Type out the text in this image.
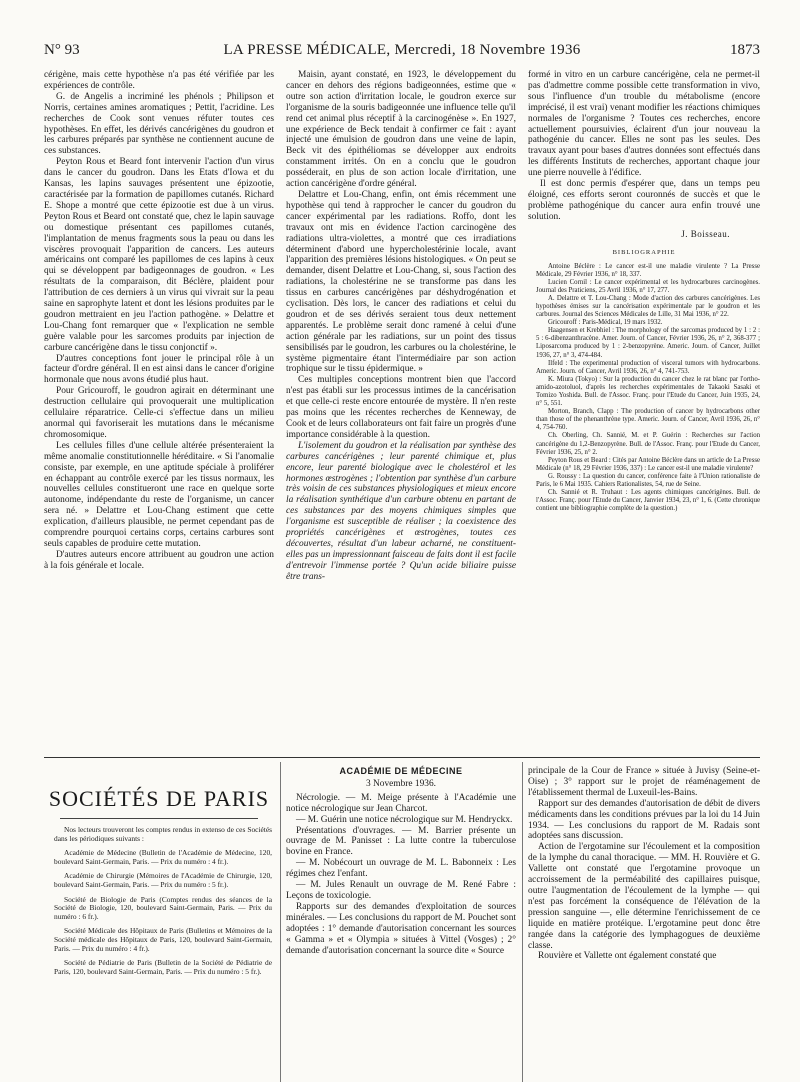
N° 93	LA PRESSE MÉDICALE, Mercredi, 18 Novembre 1936	1873

cérigène, mais cette hypothèse n'a pas été vérifiée par les expériences de contrôle.

G. de Angelis a incriminé les phénols ; Philipson et Norris, certaines amines aromatiques ; Pettit, l'acridine. Les recherches de Cook sont venues réfuter toutes ces hypothèses. En effet, les dérivés cancérigènes du goudron et les carbures préparés par synthèse ne contiennent aucune de ces substances.

Peyton Rous et Beard font intervenir l'action d'un virus dans le cancer du goudron. Dans les Etats d'Iowa et du Kansas, les lapins sauvages présentent une épizootie, caractérisée par la formation de papillomes cutanés. Richard E. Shope a montré que cette épizootie est due à un virus. Peyton Rous et Beard ont constaté que, chez le lapin sauvage ou domestique présentant ces papillomes cutanés, l'implantation de menus fragments sous la peau ou dans les viscères provoquait l'apparition de cancers. Les auteurs américains ont comparé les papillomes de ces lapins à ceux qui se développent par badigeonnages de goudron. « Les résultats de la comparaison, dit Béclère, plaident pour l'attribution de ces derniers à un virus qui vivrait sur la peau saine en saprophyte latent et dont les lésions produites par le goudron mettraient en jeu l'action pathogène. » Delattre et Lou-Chang font remarquer que « l'explication ne semble guère valable pour les sarcomes produits par injection de carbure cancérigène dans le tissu conjonctif ».

D'autres conceptions font jouer le principal rôle à un facteur d'ordre général. Il en est ainsi dans le cancer d'origine hormonale que nous avons étudié plus haut.

Pour Gricouroff, le goudron agirait en déterminant une destruction cellulaire qui provoquerait une multiplication cellulaire réparatrice. Celle-ci s'effectue dans un milieu anormal qui favoriserait les mutations dans le mécanisme chromosomique.

Les cellules filles d'une cellule altérée présenteraient la même anomalie constitutionnelle héréditaire. « Si l'anomalie consiste, par exemple, en une aptitude spéciale à proliférer en échappant au contrôle exercé par les tissus normaux, les nouvelles cellules constitueront une race en quelque sorte autonome, indépendante du reste de l'organisme, un cancer sera né. » Delattre et Lou-Chang estiment que cette explication, d'ailleurs plausible, ne permet cependant pas de comprendre pourquoi certains corps, certains carbures sont seuls capables de produire cette mutation.

D'autres auteurs encore attribuent au goudron une action à la fois générale et locale.

Maisin, ayant constaté, en 1923, le développement du cancer en dehors des régions badigeonnées, estime que « outre son action d'irritation locale, le goudron exerce sur l'organisme de la souris badigeonnée une influence telle qu'il rend cet animal plus réceptif à la carcinogénèse ». En 1927, une expérience de Beck tendait à confirmer ce fait : ayant injecté une émulsion de goudron dans une veine de lapin, Beck vit des épithéliomas se développer aux endroits constamment irrités. On en a conclu que le goudron posséderait, en plus de son action locale d'irritation, une action cancérigène d'ordre général.

Delattre et Lou-Chang, enfin, ont émis récemment une hypothèse qui tend à rapprocher le cancer du goudron du cancer expérimental par les radiations. Roffo, dont les travaux ont mis en évidence l'action carcinogène des radiations ultra-violettes, a montré que ces irradiations déterminent d'abord une hypercholestérinie locale, avant l'apparition des premières lésions histologiques. « On peut se demander, disent Delattre et Lou-Chang, si, sous l'action des radiations, la cholestérine ne se transforme pas dans les tissus en carbures cancérigènes par déshydrogénation et cyclisation. Dès lors, le cancer des radiations et celui du goudron et de ses dérivés seraient tous deux nettement apparentés. Le problème serait donc ramené à celui d'une action générale par les radiations, sur un point des tissus sensibilisés par le goudron, les carbures ou la cholestérine, le système pigmentaire étant l'intermédiaire par son action trophique sur le tissu épidermique. »

Ces multiples conceptions montrent bien que l'accord n'est pas établi sur les processus intimes de la cancérisation et que celle-ci reste encore entourée de mystère. Il n'en reste pas moins que les récentes recherches de Kenneway, de Cook et de leurs collaborateurs ont fait faire un progrès d'une importance considérable à la question.

L'isolement du goudron et la réalisation par synthèse des carbures cancérigènes ; leur parenté chimique et, plus encore, leur parenté biologique avec le cholestérol et les hormones œstrogènes ; l'obtention par synthèse d'un carbure très voisin de ces substances physiologiques et mieux encore la réalisation synthétique d'un carbure obtenu en partant de ces substances par des moyens chimiques simples que l'organisme est susceptible de réaliser ; la coexistence des propriétés cancérigènes et œstrogènes, toutes ces découvertes, résultat d'un labeur acharné, ne constituent-elles pas un impressionnant faisceau de faits dont il est facile d'entrevoir l'immense portée ? Qu'un acide biliaire puisse être trans-

formé in vitro en un carbure cancérigène, cela ne permet-il pas d'admettre comme possible cette transformation in vivo, sous l'influence d'un trouble du métabolisme (encore imprécisé, il est vrai) venant modifier les réactions chimiques normales de l'organisme ? Toutes ces recherches, encore actuellement poursuivies, éclairent d'un jour nouveau la pathogénie du cancer. Elles ne sont pas les seules. Des travaux ayant pour bases d'autres données sont effectués dans les différents Instituts de recherches, apportant chaque jour une pierre nouvelle à l'édifice.

Il est donc permis d'espérer que, dans un temps peu éloigné, ces efforts seront couronnés de succès et que le problème pathogénique du cancer aura enfin trouvé une solution.

J. Boisseau.
BIBLIOGRAPHIE

Antoine Béclère : Le cancer est-il une maladie virulente ? La Presse Médicale, 29 Février 1936, n° 18, 337.

Lucien Cornil : Le cancer expérimental et les hydrocarbures carcinogènes. Journal des Praticiens, 25 Avril 1936, n° 17, 277.

A. Delattre et T. Lou-Chang : Mode d'action des carbures cancérigènes. Les hypothèses émises sur la cancérisation expérimentale par le goudron et les carbures. Journal des Sciences Médicales de Lille, 31 Mai 1936, n° 22.

Gricouroff : Paris-Médical, 19 mars 1932.

Haagensen et Krebhiel : The morphology of the sarcomas produced by 1 : 2 : 5 : 6-dibenzanthracène. Amer. Journ. of Cancer, Février 1936, 26, n° 2, 368-377 ; Liposarcoma produced by 1 : 2-benzopyrène. Americ. Journ. of Cancer, Juillet 1936, 27, n° 3, 474-484.

Ilfeld : The experimental production of visceral tumors with hydrocarbons. Americ. Journ. of Cancer, Avril 1936, 26, n° 4, 741-753.

K. Miura (Tokyo) : Sur la production du cancer chez le rat blanc par l'ortho-amido-azotoluol, d'après les recherches expérimentales de Takaoki Sasaki et Tomizo Yoshida. Bull. de l'Assoc. Franç. pour l'Etude du Cancer, Juin 1935, 24, n° 5, 551.

Morton, Branch, Clapp : The production of cancer by hydrocarbons other than those of the phenanthrène type. Americ. Journ. of Cancer, Avril 1936, 26, n° 4, 754-760.

Ch. Oberling, Ch. Sannié, M. et P. Guérin : Recherches sur l'action cancérigène du 1,2-Benzopyrène. Bull. de l'Assoc. Franç. pour l'Etude du Cancer, Février 1936, 25, n° 2.

Peyton Rous et Beard : Cités par Antoine Béclère dans un article de La Presse Médicale (n° 18, 29 Février 1936, 337) : Le cancer est-il une maladie virulente?

G. Roussy : La question du cancer, conférence faite à l'Union rationaliste de Paris, le 6 Mai 1935. Cahiers Rationalistes, 54, rue de Seine.

Ch. Sannié et R. Truhaut : Les agents chimiques cancérigènes. Bull. de l'Assoc. Franç. pour l'Etude du Cancer, Janvier 1934, 23, n° 1, 6. (Cette chronique contient une bibliographie complète de la question.)

SOCIÉTÉS DE PARIS

Nos lecteurs trouveront les comptes rendus in extenso de ces Sociétés dans les périodiques suivants :

Académie de Médecine (Bulletin de l'Académie de Médecine, 120, boulevard Saint-Germain, Paris. — Prix du numéro : 4 fr.).

Académie de Chirurgie (Mémoires de l'Académie de Chirurgie, 120, boulevard Saint-Germain, Paris. — Prix du numéro : 5 fr.).

Société de Biologie de Paris (Comptes rendus des séances de la Société de Biologie, 120, boulevard Saint-Germain, Paris. — Prix du numéro : 6 fr.).

Société Médicale des Hôpitaux de Paris (Bulletins et Mémoires de la Société médicale des Hôpitaux de Paris, 120, boulevard Saint-Germain, Paris. — Prix du numéro : 4 fr.).

Société de Pédiatrie de Paris (Bulletin de la Société de Pédiatrie de Paris, 120, boulevard Saint-Germain, Paris. — Prix du numéro : 5 fr.).

ACADÉMIE DE MÉDECINE

3 Novembre 1936.

Nécrologie. — M. Meige présente à l'Académie une notice nécrologique sur Jean Charcot.

— M. Guérin une notice nécrologique sur M. Hendryckx.

Présentations d'ouvrages. — M. Barrier présente un ouvrage de M. Panisset : La lutte contre la tuberculose bovine en France.

— M. Nobécourt un ouvrage de M. L. Babonneix : Les régimes chez l'enfant.

— M. Jules Renault un ouvrage de M. René Fabre : Leçons de toxicologie.

Rapports sur des demandes d'exploitation de sources minérales. — Les conclusions du rapport de M. Pouchet sont adoptées : 1° demande d'autorisation concernant les sources « Gamma » et « Olympia » situées à Vittel (Vosges) ; 2° demande d'autorisation concernant la source dite « Source

principale de la Cour de France » située à Juvisy (Seine-et-Oise) ; 3° rapport sur le projet de réaménagement de l'établissement thermal de Luxeuil-les-Bains.

Rapport sur des demandes d'autorisation de débit de divers médicaments dans les conditions prévues par la loi du 14 Juin 1934. — Les conclusions du rapport de M. Radais sont adoptées sans discussion.

Action de l'ergotamine sur l'écoulement et la composition de la lymphe du canal thoracique. — MM. H. Rouvière et G. Vallette ont constaté que l'ergotamine provoque un accroissement de la perméabilité des capillaires puisque, outre l'augmentation de l'écoulement de la lymphe — qui n'est pas forcément la conséquence de l'élévation de la pression sanguine —, elle détermine l'enrichissement de ce liquide en matière protéique. L'ergotamine peut donc être rangée dans la catégorie des lymphagogues de deuxième classe.

Rouvière et Vallette ont également constaté que
